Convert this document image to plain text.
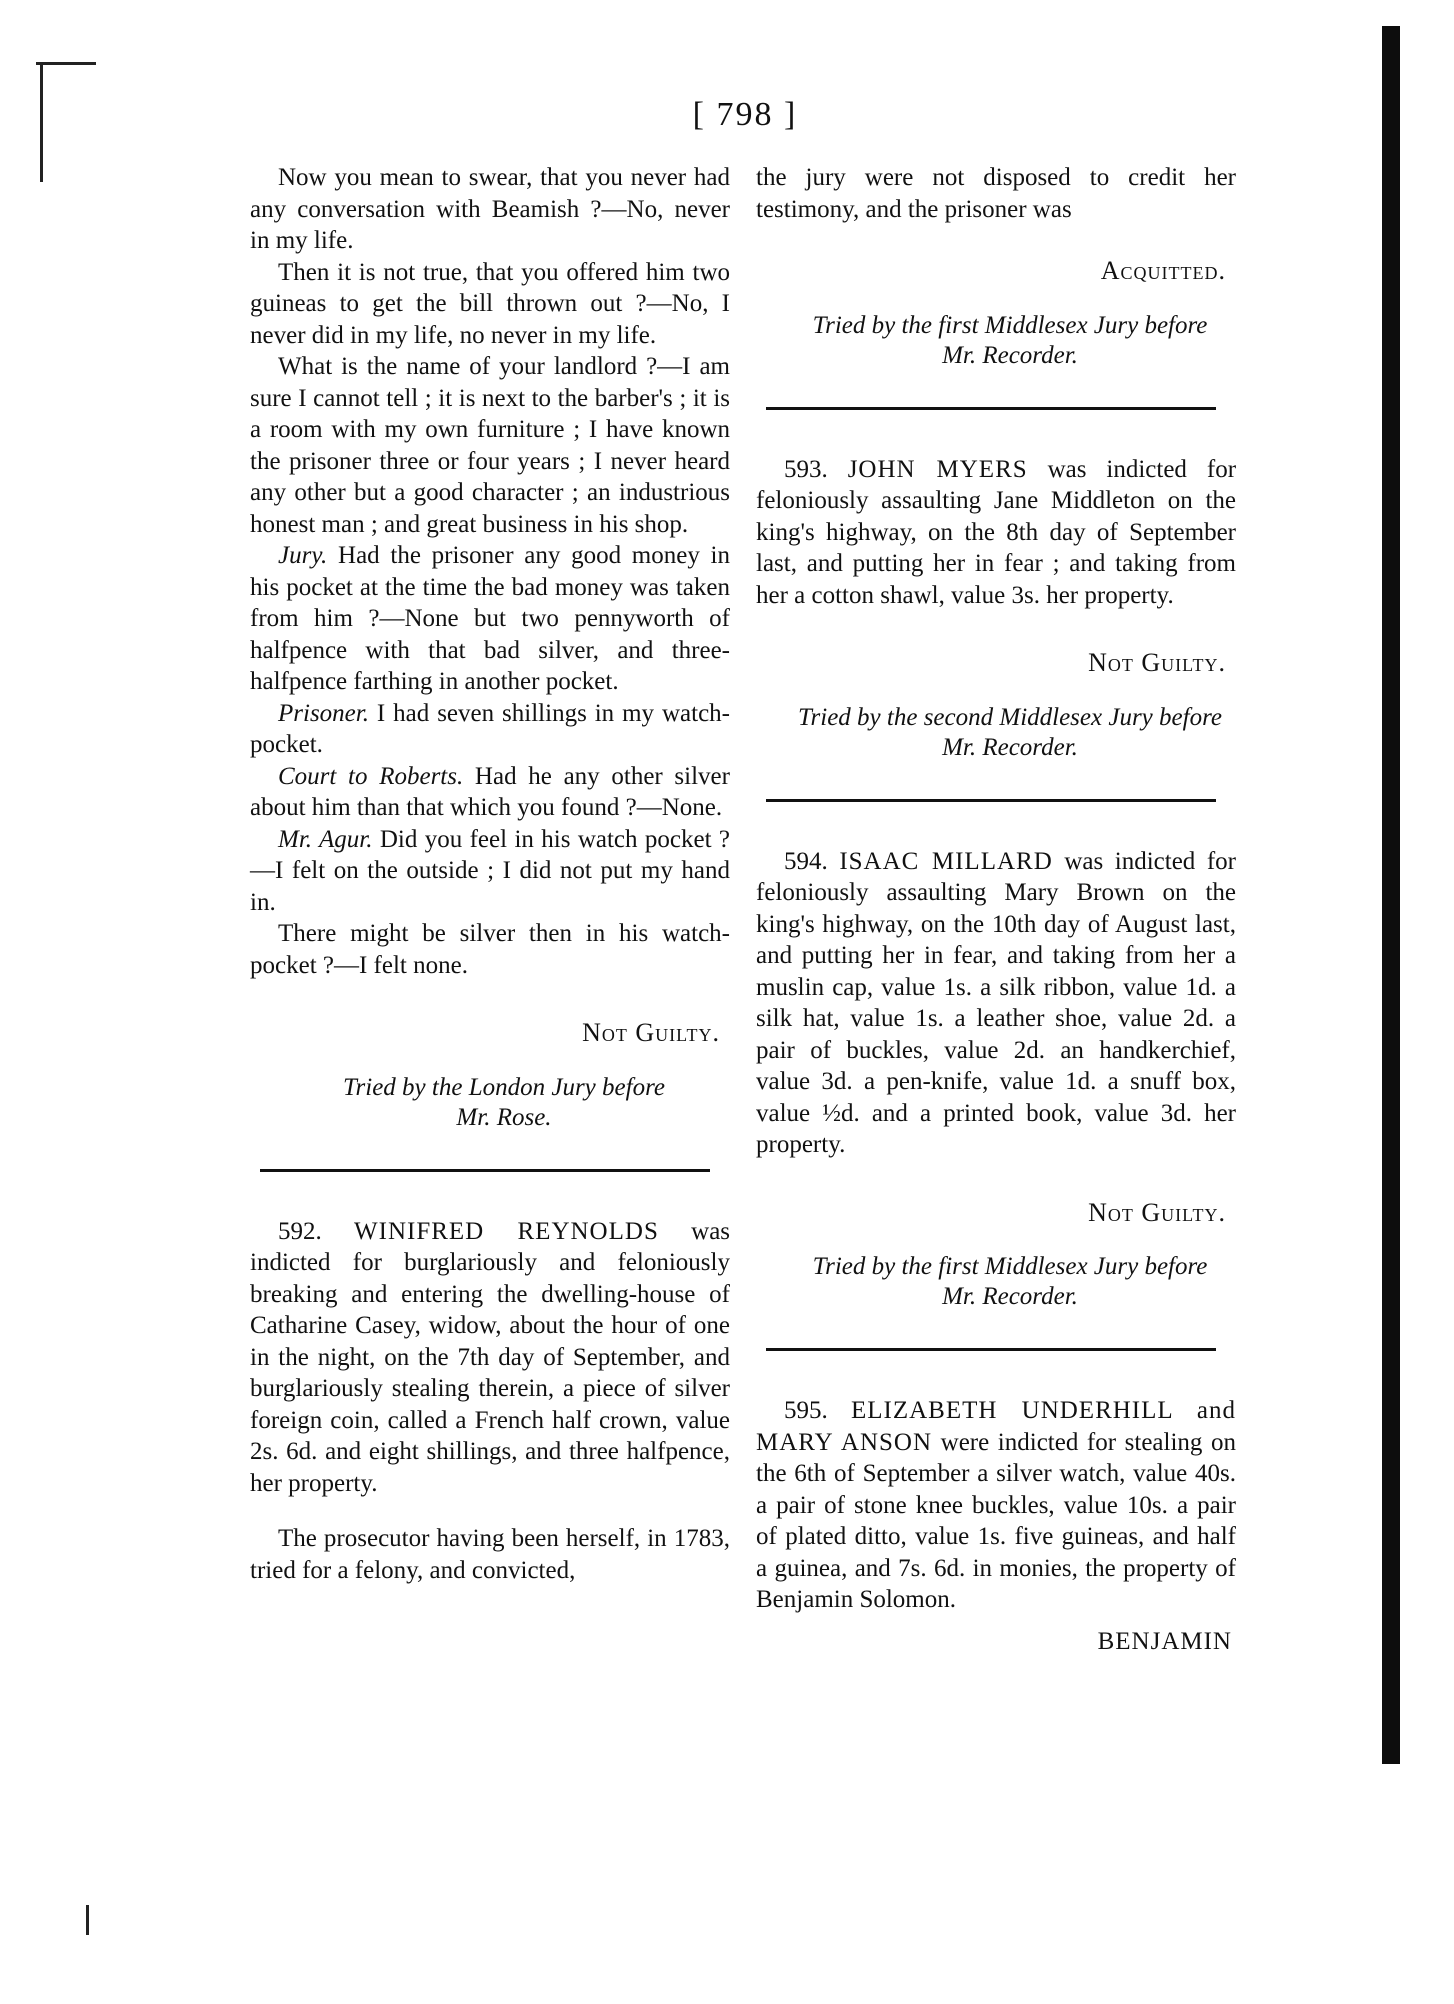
[ 798 ]

Now you mean to swear, that you never had any conversation with Beamish ?—No, never in my life.

Then it is not true, that you offered him two guineas to get the bill thrown out ?—No, I never did in my life, no never in my life.

What is the name of your landlord ?—I am sure I cannot tell ; it is next to the barber's ; it is a room with my own furniture ; I have known the prisoner three or four years ; I never heard any other but a good character ; an industrious honest man ; and great business in his shop.

Jury. Had the prisoner any good money in his pocket at the time the bad money was taken from him ?—None but two pennyworth of halfpence with that bad silver, and three-halfpence farthing in another pocket.

Prisoner. I had seven shillings in my watch-pocket.

Court to Roberts. Had he any other silver about him than that which you found ?—None.

Mr. Agur. Did you feel in his watch pocket ?—I felt on the outside ; I did not put my hand in.

There might be silver then in his watch-pocket ?—I felt none.

Not Guilty.

Tried by the London Jury before
Mr. Rose.

592. WINIFRED REYNOLDS was indicted for burglariously and feloniously breaking and entering the dwelling-house of Catharine Casey, widow, about the hour of one in the night, on the 7th day of September, and burglariously stealing therein, a piece of silver foreign coin, called a French half crown, value 2s. 6d. and eight shillings, and three halfpence, her property.

The prosecutor having been herself, in 1783, tried for a felony, and convicted,

the jury were not disposed to credit her testimony, and the prisoner was

Acquitted.

Tried by the first Middlesex Jury before
Mr. Recorder.

593. JOHN MYERS was indicted for feloniously assaulting Jane Middleton on the king's highway, on the 8th day of September last, and putting her in fear ; and taking from her a cotton shawl, value 3s. her property.

Not Guilty.

Tried by the second Middlesex Jury before
Mr. Recorder.

594. ISAAC MILLARD was indicted for feloniously assaulting Mary Brown on the king's highway, on the 10th day of August last, and putting her in fear, and taking from her a muslin cap, value 1s. a silk ribbon, value 1d. a silk hat, value 1s. a leather shoe, value 2d. a pair of buckles, value 2d. an handkerchief, value 3d. a pen-knife, value 1d. a snuff box, value ½d. and a printed book, value 3d. her property.

Not Guilty.

Tried by the first Middlesex Jury before
Mr. Recorder.

595. ELIZABETH UNDERHILL and MARY ANSON were indicted for stealing on the 6th of September a silver watch, value 40s. a pair of stone knee buckles, value 10s. a pair of plated ditto, value 1s. five guineas, and half a guinea, and 7s. 6d. in monies, the property of Benjamin Solomon.

BENJAMIN
